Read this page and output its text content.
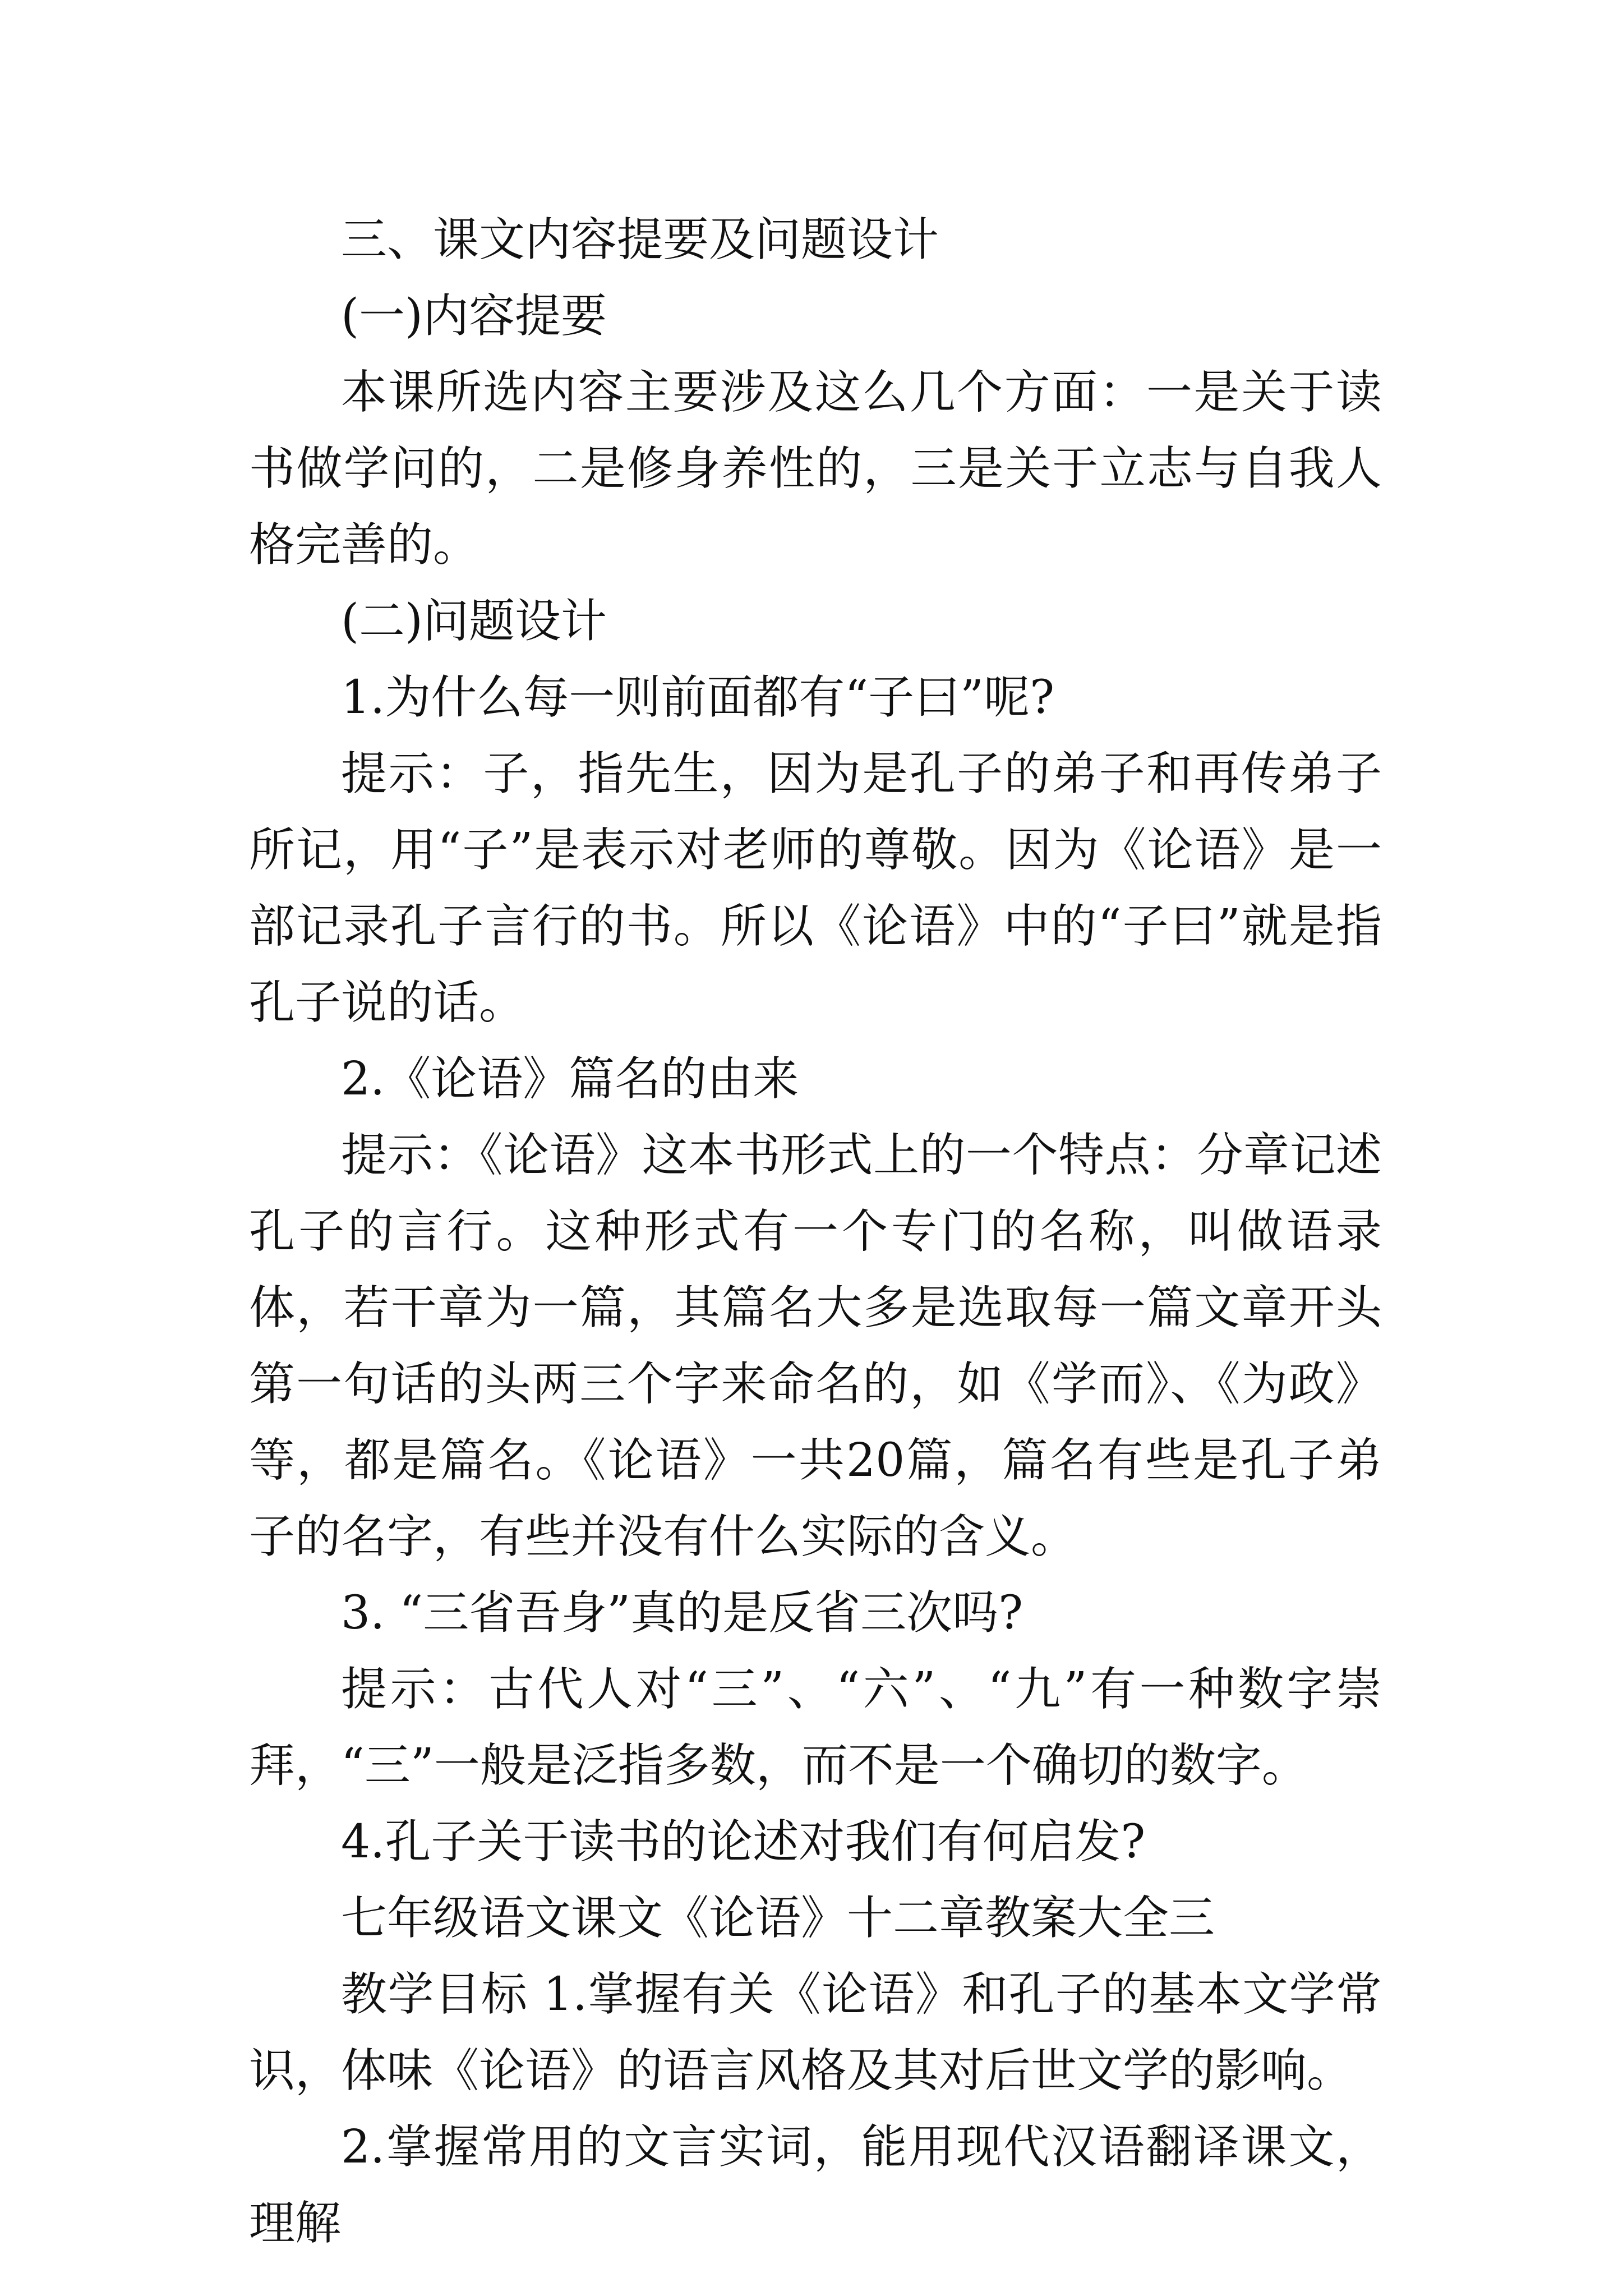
三、课文内容提要及问题设计

(一)内容提要

本课所选内容主要涉及这么几个方面：一是关于读书做学问的，二是修身养性的，三是关于立志与自我人格完善的。

(二)问题设计

1.为什么每一则前面都有“子曰”呢?

提示：子，指先生，因为是孔子的弟子和再传弟子所记，用“子”是表示对老师的尊敬。因为《论语》是一部记录孔子言行的书。所以《论语》中的“子曰”就是指孔子说的话。

2.《论语》篇名的由来

提示：《论语》这本书形式上的一个特点：分章记述孔子的言行。这种形式有一个专门的名称，叫做语录体，若干章为一篇，其篇名大多是选取每一篇文章开头第一句话的头两三个字来命名的，如《学而》、《为政》等，都是篇名。《论语》一共20篇，篇名有些是孔子弟子的名字，有些并没有什么实际的含义。

3. “三省吾身”真的是反省三次吗?

提示：古代人对“三”、“六”、“九”有一种数字崇拜，“三”一般是泛指多数，而不是一个确切的数字。

4.孔子关于读书的论述对我们有何启发?

七年级语文课文《论语》十二章教案大全三

教学目标 1.掌握有关《论语》和孔子的基本文学常识，体味《论语》的语言风格及其对后世文学的影响。

2.掌握常用的文言实词，能用现代汉语翻译课文，理解
